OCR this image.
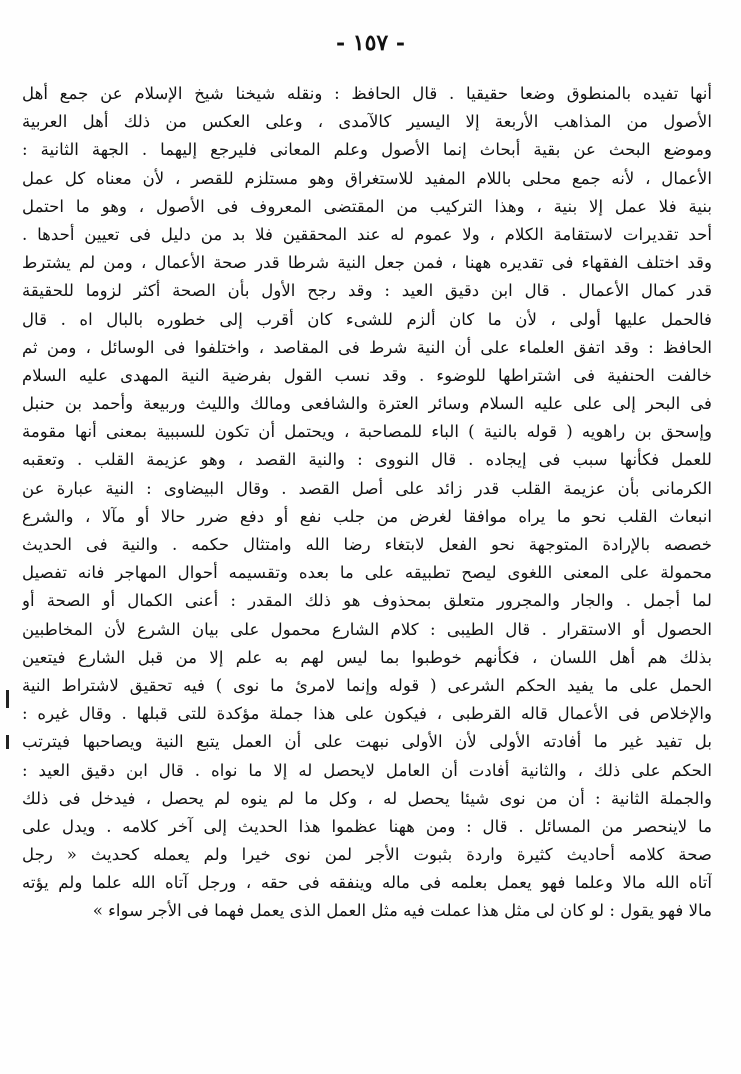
- ١٥٧ -
أنها تفيده بالمنطوق وضعا حقيقيا . قال الحافظ : ونقله شيخنا شيخ الإسلام عن جمع أهل
الأصول من المذاهب الأربعة إلا اليسير كالآمدى ، وعلى العكس من ذلك أهل العربية
وموضع البحث عن بقية أبحاث إنما الأصول وعلم المعانى فليرجع إليهما . الجهة الثانية :
الأعمال ، لأنه جمع محلى باللام المفيد للاستغراق وهو مستلزم للقصر ، لأن معناه كل عمل
بنية فلا عمل إلا بنية ، وهذا التركيب من المقتضى المعروف فى الأصول ، وهو ما احتمل
أحد تقديرات لاستقامة الكلام ، ولا عموم له عند المحققين فلا بد من دليل فى تعيين أحدها .
وقد اختلف الفقهاء فى تقديره ههنا ، فمن جعل النية شرطا قدر صحة الأعمال ، ومن لم يشترط
قدر كمال الأعمال . قال ابن دقيق العيد : وقد رجح الأول بأن الصحة أكثر لزوما للحقيقة
فالحمل عليها أولى ، لأن ما كان ألزم للشىء كان أقرب إلى خطوره بالبال اه . قال
الحافظ : وقد اتفق العلماء على أن النية شرط فى المقاصد ، واختلفوا فى الوسائل ، ومن ثم
خالفت الحنفية فى اشتراطها للوضوء . وقد نسب القول بفرضية النية المهدى عليه السلام
فى البحر إلى على عليه السلام وسائر العترة والشافعى ومالك والليث وربيعة وأحمد بن حنبل
وإسحق بن راهويه ( قوله بالنية ) الباء للمصاحبة ، ويحتمل أن تكون للسببية بمعنى أنها مقومة
للعمل فكأنها سبب فى إيجاده . قال النووى : والنية القصد ، وهو عزيمة القلب . وتعقبه
الكرمانى بأن عزيمة القلب قدر زائد على أصل القصد . وقال البيضاوى : النية عبارة عن
انبعاث القلب نحو ما يراه موافقا لغرض من جلب نفع أو دفع ضرر حالا أو مآلا ، والشرع
خصصه بالإرادة المتوجهة نحو الفعل لابتغاء رضا الله وامتثال حكمه . والنية فى الحديث
محمولة على المعنى اللغوى ليصح تطبيقه على ما بعده وتقسيمه أحوال المهاجر فانه تفصيل
لما أجمل . والجار والمجرور متعلق بمحذوف هو ذلك المقدر : أعنى الكمال أو الصحة أو
الحصول أو الاستقرار . قال الطيبى : كلام الشارع محمول على بيان الشرع لأن المخاطبين
بذلك هم أهل اللسان ، فكأنهم خوطبوا بما ليس لهم به علم إلا من قبل الشارع فيتعين
الحمل على ما يفيد الحكم الشرعى ( قوله وإنما لامرئ ما نوى ) فيه تحقيق لاشتراط النية
والإخلاص فى الأعمال قاله القرطبى ، فيكون على هذا جملة مؤكدة للتى قبلها . وقال غيره :
بل تفيد غير ما أفادته الأولى لأن الأولى نبهت على أن العمل يتبع النية ويصاحبها فيترتب
الحكم على ذلك ، والثانية أفادت أن العامل لايحصل له إلا ما نواه . قال ابن دقيق العيد :
والجملة الثانية : أن من نوى شيئا يحصل له ، وكل ما لم ينوه لم يحصل ، فيدخل فى ذلك
ما لاينحصر من المسائل . قال : ومن ههنا عظموا هذا الحديث إلى آخر كلامه . ويدل على
صحة كلامه أحاديث كثيرة واردة بثبوت الأجر لمن نوى خيرا ولم يعمله كحديث « رجل
آتاه الله مالا وعلما فهو يعمل بعلمه فى ماله وينفقه فى حقه ، ورجل آتاه الله علما ولم يؤته
مالا فهو يقول : لو كان لى مثل هذا عملت فيه مثل العمل الذى يعمل فهما فى الأجر سواء »
